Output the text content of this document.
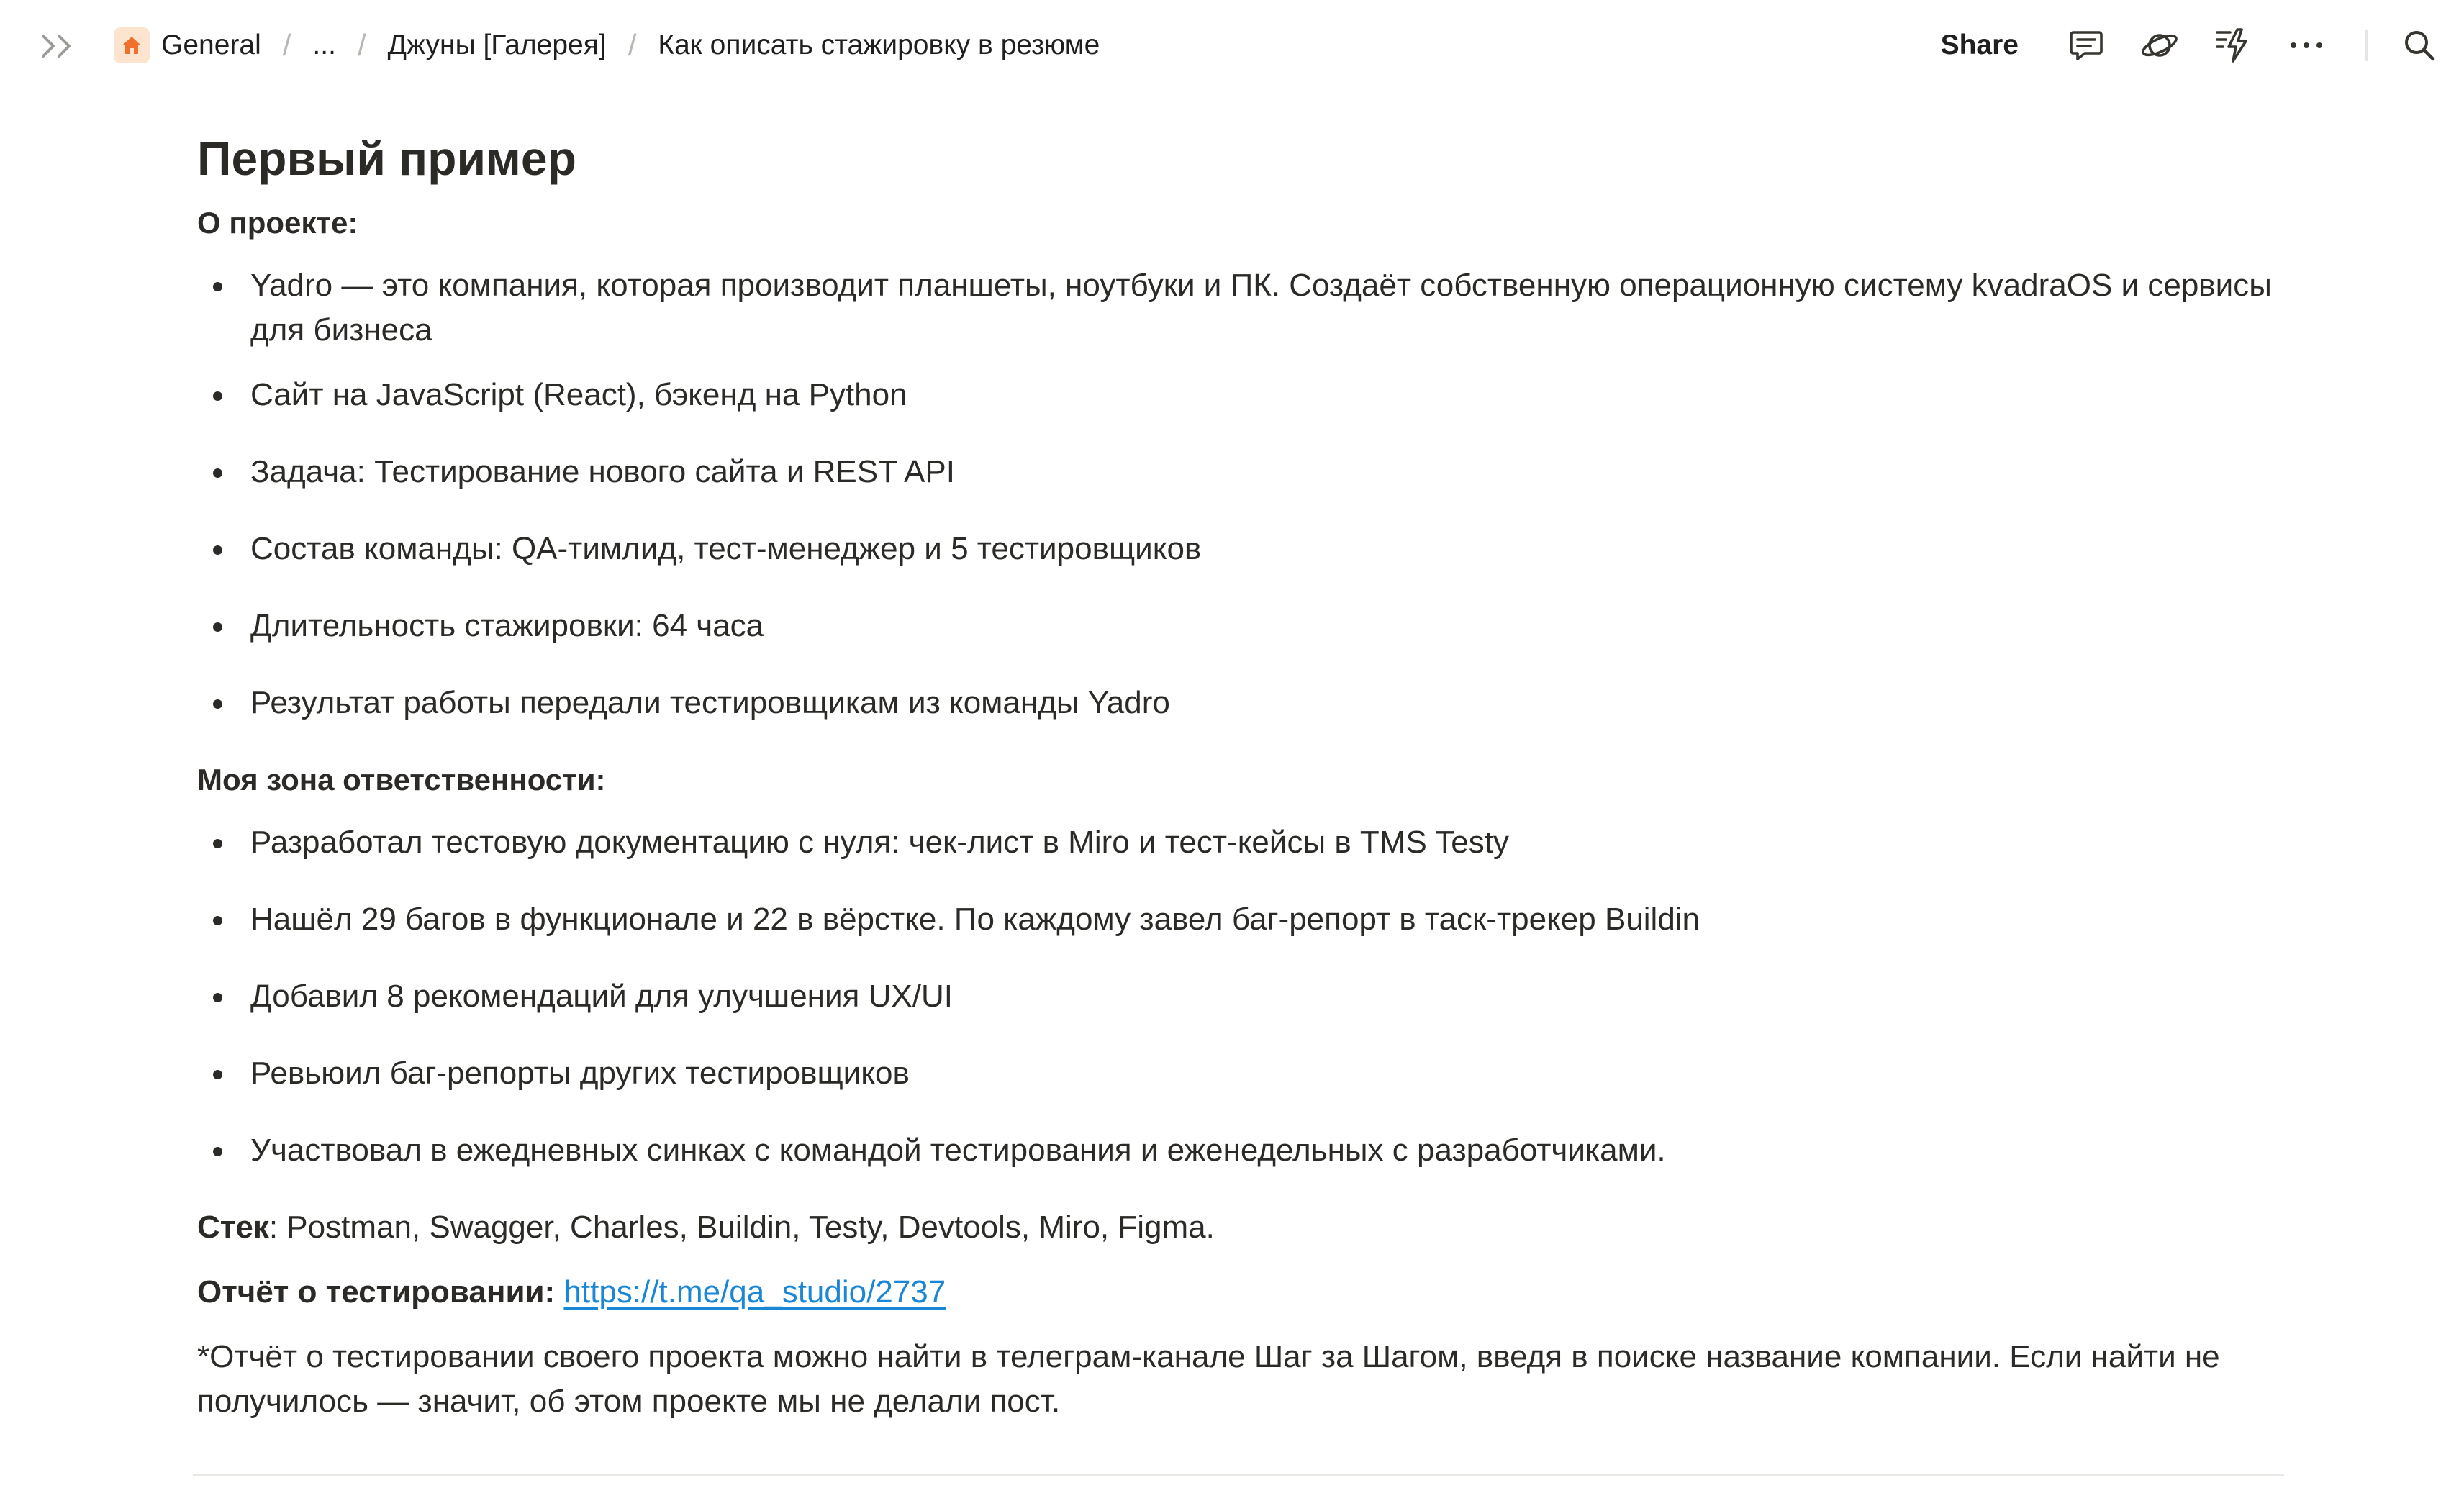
General / ... / Джуны [Галерея] / Как описать стажировку в резюме	Share
Первый пример
О проекте:
Yadro — это компания, которая производит планшеты, ноутбуки и ПК. Создаёт собственную операционную систему kvadraOS и сервисы для бизнеса
Сайт на JavaScript (React), бэкенд на Python
Задача: Тестирование нового сайта и REST API
Состав команды: QA-тимлид, тест-менеджер и 5 тестировщиков
Длительность стажировки: 64 часа
Результат работы передали тестировщикам из команды Yadro
Моя зона ответственности:
Разработал тестовую документацию с нуля: чек-лист в Miro и тест-кейсы в TMS Testy
Нашёл 29 багов в функционале и 22 в вёрстке. По каждому завел баг-репорт в таск-трекер Buildin
Добавил 8 рекомендаций для улучшения UX/UI
Ревьюил баг-репорты других тестировщиков
Участвовал в ежедневных синках с командой тестирования и еженедельных с разработчиками.
Стек: Postman, Swagger, Charles, Buildin, Testy, Devtools, Miro, Figma.
Отчёт о тестировании: https://t.me/qa_studio/2737
*Отчёт о тестировании своего проекта можно найти в телеграм-канале Шаг за Шагом, введя в поиске название компании. Если найти не получилось — значит, об этом проекте мы не делали пост.
